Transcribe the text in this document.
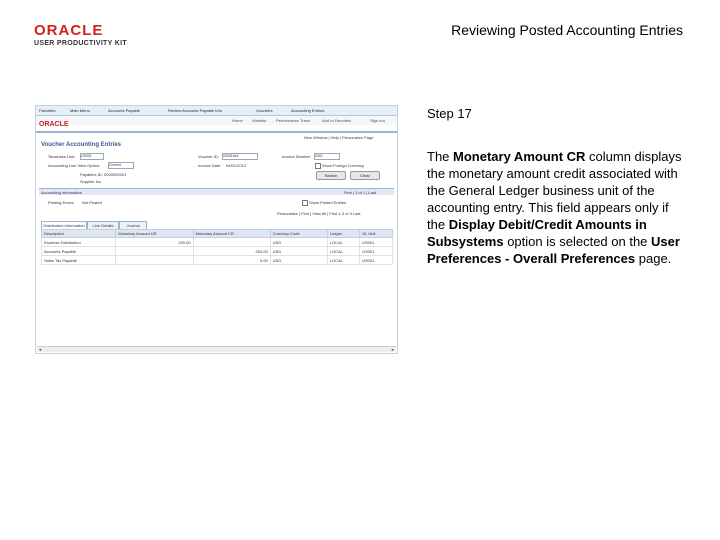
ORACLE
USER PRODUCTIVITY KIT
Reviewing Posted Accounting Entries
Favorites	Main Menu	Accounts Payable	Review Accounts Payable Info	Vouchers	Accounting Entries
Home Worklist Performance Trace	Add to Favorites	Sign out
ORACLE
New Window | Help | Personalize Page
Voucher Accounting Entries
*Business Unit: US001	Voucher ID: 00001644	Invoice Number: 0001
Accounting Line View Option:	Current	Invoice Date: 04/01/2012	Show Foreign Currency
Payables ID: 0000000001
Supplier Inc
Search	Clear
Accounting Information	First | 1 of 1 | Last
Posting Errors: Not Posted	Show Posted Entries
Personalize | Find | View All | First 1-3 of 3 Last
Distribution Information	Line Details	Journal
Description	Monetary Amount DR	Monetary Amount CR	Currency Code	Ledger	GL Unit
Expense Distribution	200.00		USD	LOCAL	US001
Accounts Payable		200.00	USD	LOCAL	US001
Sales Tax Payable		0.00	USD	LOCAL	US001
◄	►
Step 17
The Monetary Amount CR column displays the monetary amount credit associated with the General Ledger business unit of the accounting entry. This field appears only if the Display Debit/Credit Amounts in Subsystems option is selected on the User Preferences - Overall Preferences page.
